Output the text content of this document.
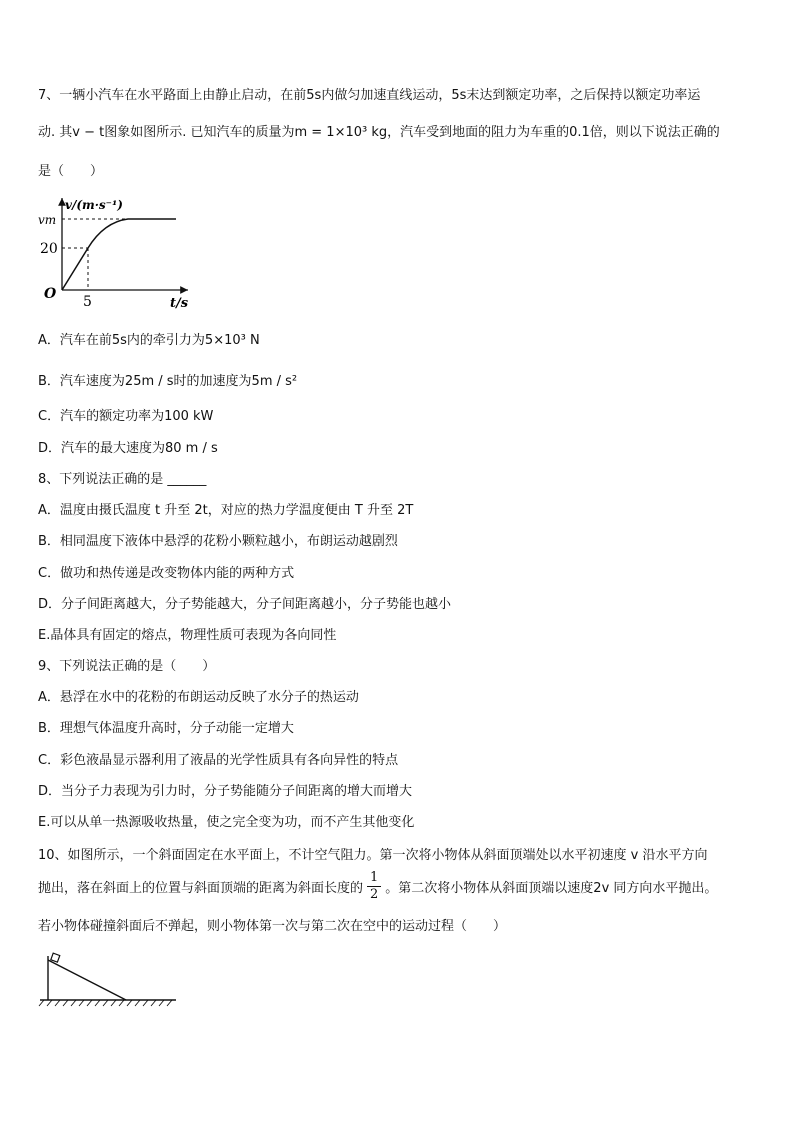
7、一辆小汽车在水平路面上由静止启动，在前5s内做匀加速直线运动，5s末达到额定功率，之后保持以额定功率运
动. 其v − t图象如图所示. 已知汽车的质量为m = 1×10³ kg，汽车受到地面的阻力为车重的0.1倍，则以下说法正确的
是（　　）
v/(m·s⁻¹)
vm
20
5
O
t/s
A．汽车在前5s内的牵引力为5×10³ N
B．汽车速度为25m / s时的加速度为5m / s²
C．汽车的额定功率为100 kW
D．汽车的最大速度为80 m / s
8、下列说法正确的是 ______
A．温度由摄氏温度 t 升至 2t，对应的热力学温度便由 T 升至 2T
B．相同温度下液体中悬浮的花粉小颗粒越小，布朗运动越剧烈
C．做功和热传递是改变物体内能的两种方式
D．分子间距离越大，分子势能越大，分子间距离越小，分子势能也越小
E.晶体具有固定的熔点，物理性质可表现为各向同性
9、下列说法正确的是（　　）
A．悬浮在水中的花粉的布朗运动反映了水分子的热运动
B．理想气体温度升高时，分子动能一定增大
C．彩色液晶显示器利用了液晶的光学性质具有各向异性的特点
D．当分子力表现为引力时，分子势能随分子间距离的增大而增大
E.可以从单一热源吸收热量，使之完全变为功，而不产生其他变化
10、如图所示，一个斜面固定在水平面上，不计空气阻力。第一次将小物体从斜面顶端处以水平初速度 v 沿水平方向
抛出，落在斜面上的位置与斜面顶端的距离为斜面长度的 $\frac{1}{2}$ 。第二次将小物体从斜面顶端以速度2v 同方向水平抛出。
若小物体碰撞斜面后不弹起，则小物体第一次与第二次在空中的运动过程（　　）
